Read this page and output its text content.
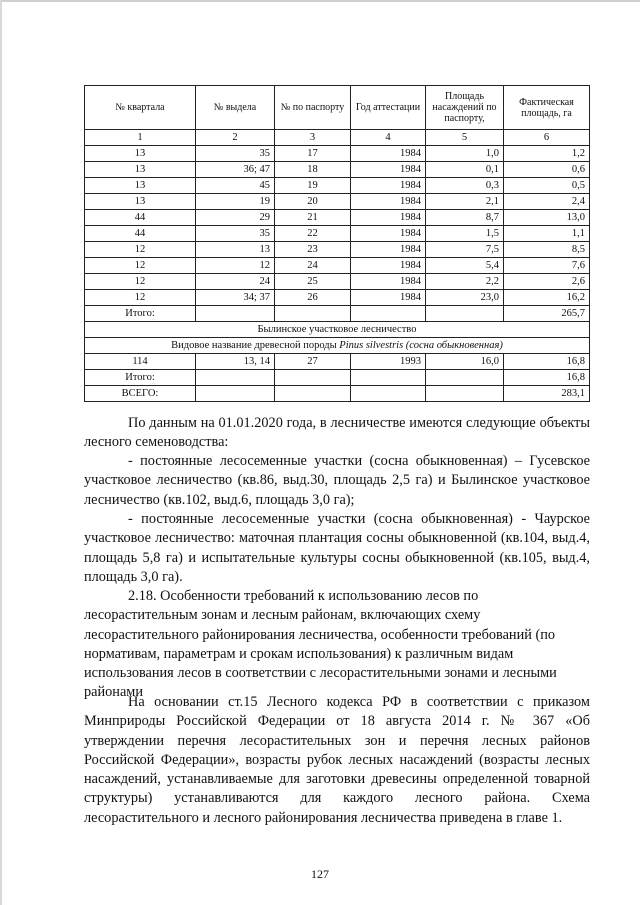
№ квартала	№ выдела	№ по паспорту	Год аттестации	Площадь насаждений по паспорту,	Фактическая площадь, га
1	2	3	4	5	6
13	35	17	1984	1,0	1,2
13	36; 47	18	1984	0,1	0,6
13	45	19	1984	0,3	0,5
13	19	20	1984	2,1	2,4
44	29	21	1984	8,7	13,0
44	35	22	1984	1,5	1,1
12	13	23	1984	7,5	8,5
12	12	24	1984	5,4	7,6
12	24	25	1984	2,2	2,6
12	34; 37	26	1984	23,0	16,2
Итого:					265,7
Былинское участковое лесничество					
Видовое название древесной породы Pinus silvestris (сосна обыкновенная)					
114	13, 14	27	1993	16,0	16,8
Итого:					16,8
ВСЕГО:					283,1

По данным на 01.01.2020 года, в лесничестве имеются следующие объекты лесного семеноводства:

- постоянные лесосеменные участки (сосна обыкновенная) – Гусевское участковое лесничество (кв.86, выд.30, площадь 2,5 га) и Былинское участковое лесничество (кв.102, выд.6, площадь 3,0 га);

- постоянные лесосеменные участки (сосна обыкновенная) - Чаурское участковое лесничество: маточная плантация сосны обыкновенной (кв.104, выд.4, площадь 5,8 га) и испытательные культуры сосны обыкновенной (кв.105, выд.4, площадь 3,0 га).

2.18. Особенности требований к использованию лесов по лесорастительным зонам и лесным районам, включающих схему лесорастительного районирования лесничества, особенности требований (по нормативам, параметрам и срокам использования) к различным видам использования лесов в соответствии с лесорастительными зонами и лесными районами

На основании ст.15 Лесного кодекса РФ в соответствии с приказом Минприроды Российской Федерации от 18 августа 2014 г. № 367 «Об утверждении перечня лесорастительных зон и перечня лесных районов Российской Федерации», возрасты рубок лесных насаждений (возрасты лесных насаждений, устанавливаемые для заготовки древесины определенной товарной структуры) устанавливаются для каждого лесного района. Схема лесорастительного и лесного районирования лесничества приведена в главе 1.

127
